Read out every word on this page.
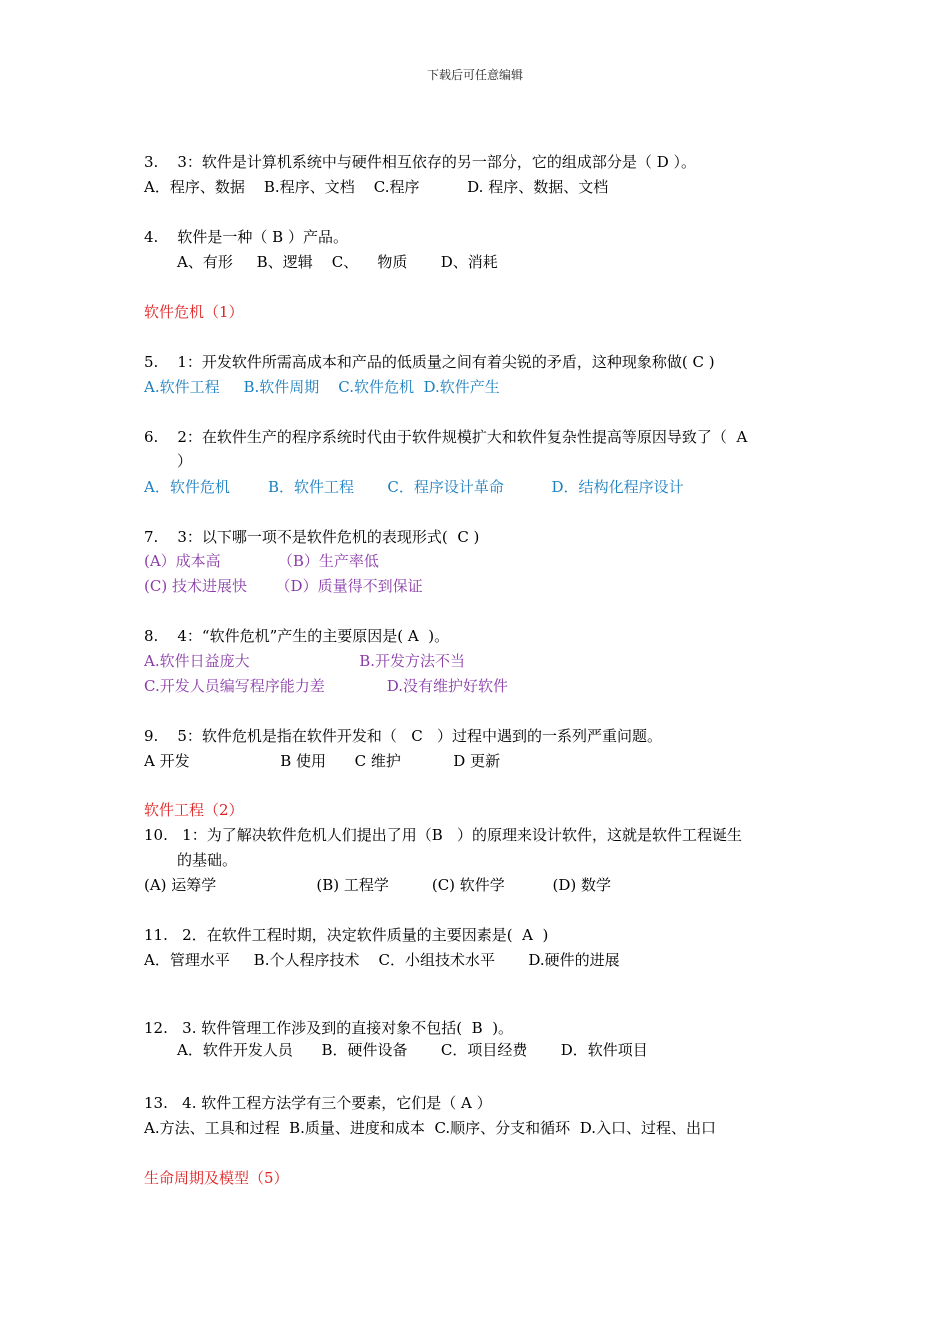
下载后可任意编辑
3.    3：软件是计算机系统中与硬件相互依存的另一部分，它的组成部分是（ D ）。
A．程序、数据    B.程序、文档    C.程序          D. 程序、数据、文档
4.    软件是一种（ B ）产品。
A、有形     B、逻辑    C、    物质       D、消耗
软件危机（1）
5.    1：开发软件所需高成本和产品的低质量之间有着尖锐的矛盾，这种现象称做( C )
A.软件工程     B.软件周期    C.软件危机  D.软件产生
6.    2：在软件生产的程序系统时代由于软件规模扩大和软件复杂性提高等原因导致了（  A
）
A．软件危机        B．软件工程       C．程序设计革命          D．结构化程序设计
7.    3：以下哪一项不是软件危机的表现形式(  C )
(A）成本高            （B）生产率低
(C) 技术进展快      （D）质量得不到保证
8.    4：“软件危机”产生的主要原因是( A  )。
A.软件日益庞大                       B.开发方法不当
C.开发人员编写程序能力差             D.没有维护好软件
9.    5：软件危机是指在软件开发和（   C   ）过程中遇到的一系列严重问题。
A 开发                   B 使用      C 维护           D 更新
软件工程（2）
10.   1：为了解决软件危机人们提出了用（B   ）的原理来设计软件，这就是软件工程诞生
的基础。
(A) 运筹学                     (B) 工程学         (C) 软件学          (D) 数学
11.   2．在软件工程时期，决定软件质量的主要因素是(  A  )
A．管理水平     B.个人程序技术    C．小组技术水平       D.硬件的进展
12.   3. 软件管理工作涉及到的直接对象不包括(  B  )。
A．软件开发人员      B．硬件设备       C．项目经费       D．软件项目
13.   4. 软件工程方法学有三个要素，它们是（ A ）
A.方法、工具和过程  B.质量、进度和成本  C.顺序、分支和循环  D.入口、过程、出口
生命周期及模型（5）
